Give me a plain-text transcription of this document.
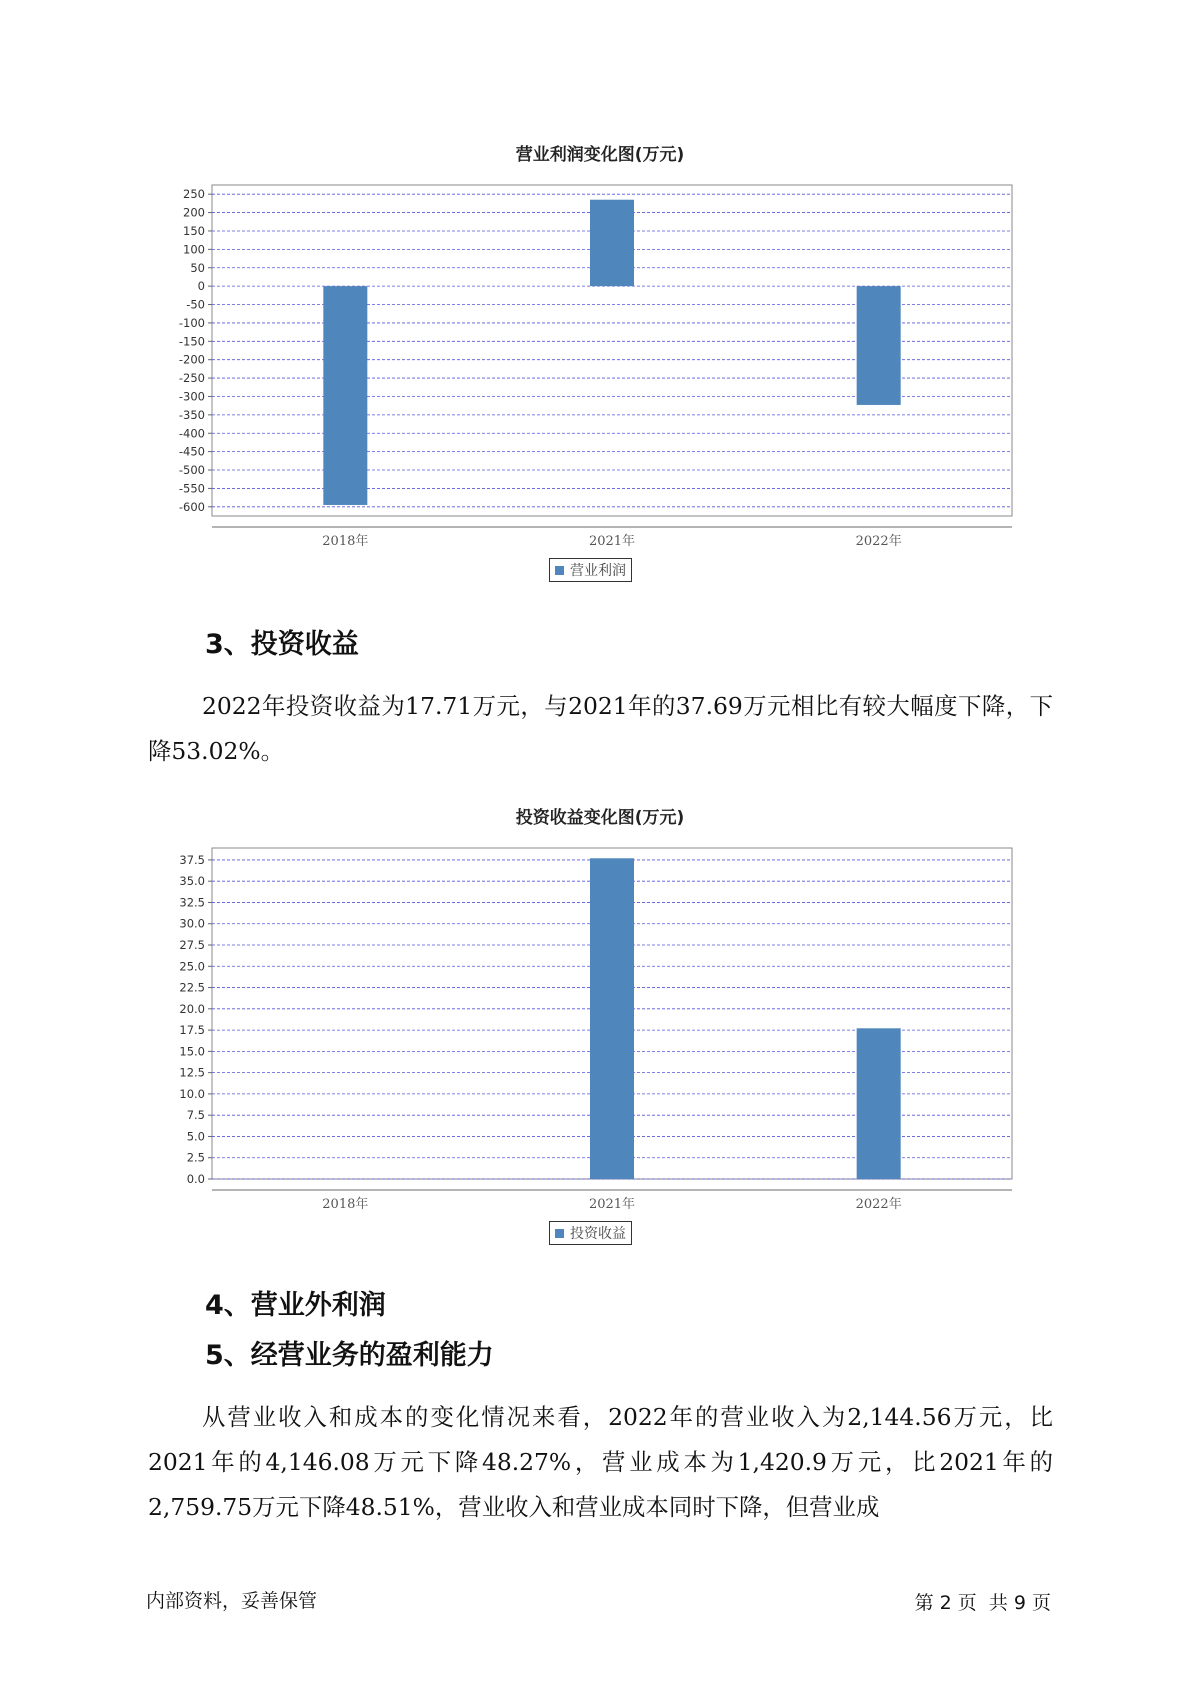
营业利润变化图(万元)
250
200
150
100
50
0
-50
-100
-150
-200
-250
-300
-350
-400
-450
-500
-550
-600
2018年	2021年	2022年
营业利润
3、投资收益

2022年投资收益为17.71万元，与2021年的37.69万元相比有较大幅度下降，下降53.02%。

投资收益变化图(万元)
37.5
35.0
32.5
30.0
27.5
25.0
22.5
20.0
17.5
15.0
12.5
10.0
7.5
5.0
2.5
0.0
2018年	2021年	2022年
投资收益
4、营业外利润
5、经营业务的盈利能力

从营业收入和成本的变化情况来看，2022年的营业收入为2,144.56万元，比2021年的4,146.08万元下降48.27%，营业成本为1,420.9万元，比2021年的2,759.75万元下降48.51%，营业收入和营业成本同时下降，但营业成

内部资料，妥善保管	第 2 页  共 9 页
